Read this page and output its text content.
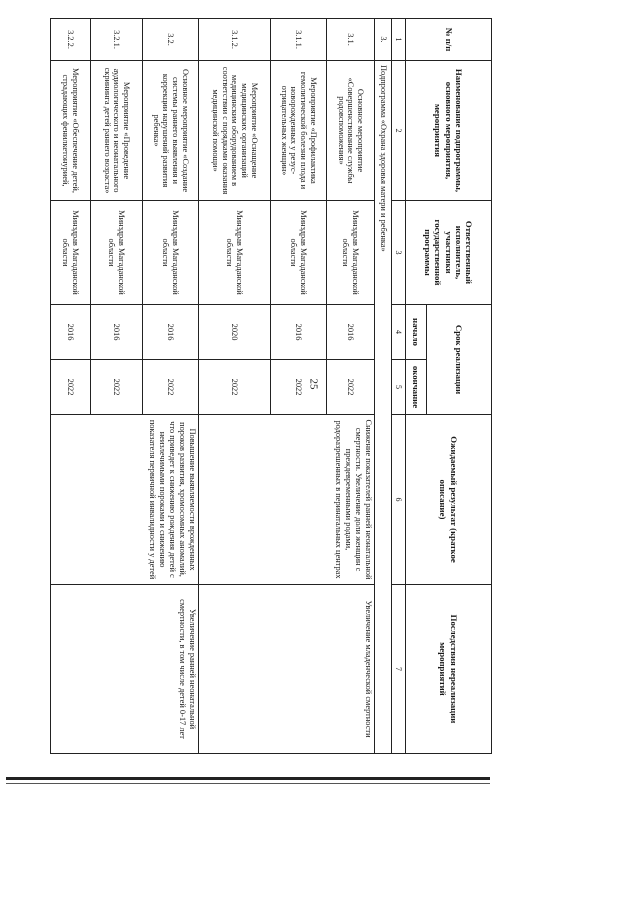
25
№ п/п	Наименование подпрограммы, основного мероприятия, мероприятия	Ответственный исполнитель, участники государственной программы	Срок реализации		Ожидаемый результат (краткое описание)	Последствия нереализации мероприятий
			начало	окончание		
1	2	3	4	5	6	7
3.	Подпрограмма «Охрана здоровья матери и ребенка»					
3.1.	Основное мероприятие «Совершенствование службы родовспоможения»	Минздрав Магаданской области	2016	2022	Снижение показателей ранней неонатальной смертности. Увеличение доли женщин с преждевременными родами, родоразрешенных в перинатальных центрах	Увеличение младенческой смертности
3.1.1.	Мероприятие «Профилактика гемолитической болезни плода и новорожденных у резус-отрицательных женщин»	Минздрав Магаданской области	2016	2022		
3.1.2.	Мероприятие «Оснащение медицинских организаций медицинским оборудованием в соответствии с порядками оказания медицинской помощи»	Минздрав Магаданской области	2020	2022		
3.2.	Основное мероприятие «Создание системы раннего выявления и коррекции нарушений развития ребенка»	Минздрав Магаданской области	2016	2022	Повышение выявляемости врожденных пороков развития, хромосомных аномалий, что приведет к снижению рождения детей с неизлечимыми пороками и снижению показателя первичной инвалидности у детей	Увеличение ранней неонатальной смертности, в том числе детей 0-17 лет
3.2.1.	Мероприятие «Проведение аудиологического и неонатального скрининга детей раннего возраста»	Минздрав Магаданской области	2016	2022		
3.2.2.	Мероприятие «Обеспечение детей, страдающих фенилкетонурией,	Минздрав Магаданской области	2016	2022		
